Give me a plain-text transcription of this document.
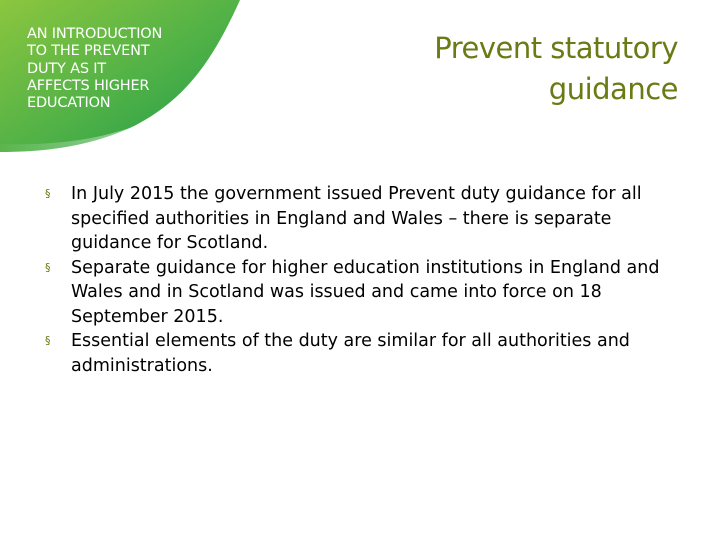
AN INTRODUCTION
TO THE PREVENT
DUTY AS IT
AFFECTS HIGHER
EDUCATION

Prevent statutory
guidance
§ In July 2015 the government issued Prevent duty guidance for all specified authorities in England and Wales – there is separate guidance for Scotland.
§ Separate guidance for higher education institutions in England and Wales and in Scotland was issued and came into force on 18 September 2015.
§ Essential elements of the duty are similar for all authorities and administrations.
